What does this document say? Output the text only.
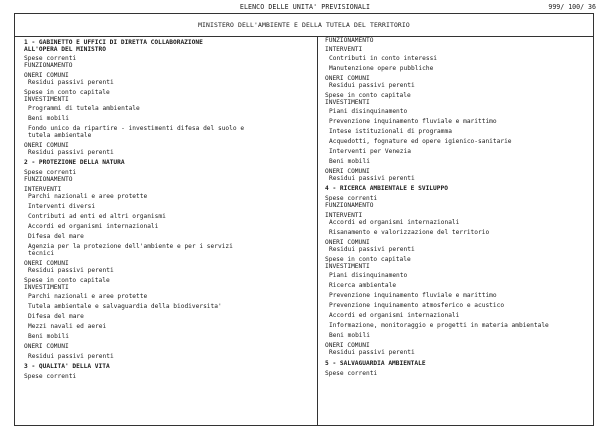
ELENCO DELLE UNITA' PREVISIONALI	999/ 100/ 36
MINISTERO DELL'AMBIENTE E DELLA TUTELA DEL TERRITORIO
1 - GABINETTO E UFFICI DI DIRETTA COLLABORAZIONE
ALL'OPERA DEL MINISTRO
Spese correnti
FUNZIONAMENTO
ONERI COMUNI
Residui passivi perenti
Spese in conto capitale
INVESTIMENTI
Programmi di tutela ambientale
Beni mobili
Fondo unico da ripartire - investimenti difesa del suolo e
tutela ambientale
ONERI COMUNI
Residui passivi perenti
2 - PROTEZIONE DELLA NATURA
Spese correnti
FUNZIONAMENTO
INTERVENTI
Parchi nazionali e aree protette
Interventi diversi
Contributi ad enti ed altri organismi
Accordi ed organismi internazionali
Difesa del mare
Agenzia per la protezione dell'ambiente e per i servizi
tecnici
ONERI COMUNI
Residui passivi perenti
Spese in conto capitale
INVESTIMENTI
Parchi nazionali e aree protette
Tutela ambientale e salvaguardia della biodiversita'
Difesa del mare
Mezzi navali ed aerei
Beni mobili
ONERI COMUNI
Residui passivi perenti
3 - QUALITA' DELLA VITA
Spese correnti
FUNZIONAMENTO
INTERVENTI
Contributi in conto interessi
Manutenzione opere pubbliche
ONERI COMUNI
Residui passivi perenti
Spese in conto capitale
INVESTIMENTI
Piani disinquinamento
Prevenzione inquinamento fluviale e marittimo
Intese istituzionali di programma
Acquedotti, fognature ed opere igienico-sanitarie
Interventi per Venezia
Beni mobili
ONERI COMUNI
Residui passivi perenti
4 - RICERCA AMBIENTALE E SVILUPPO
Spese correnti
FUNZIONAMENTO
INTERVENTI
Accordi ed organismi internazionali
Risanamento e valorizzazione del territorio
ONERI COMUNI
Residui passivi perenti
Spese in conto capitale
INVESTIMENTI
Piani disinquinamento
Ricerca ambientale
Prevenzione inquinamento fluviale e marittimo
Prevenzione inquinamento atmosferico e acustico
Accordi ed organismi internazionali
Informazione, monitoraggio e progetti in materia ambientale
Beni mobili
ONERI COMUNI
Residui passivi perenti
5 - SALVAGUARDIA AMBIENTALE
Spese correnti
